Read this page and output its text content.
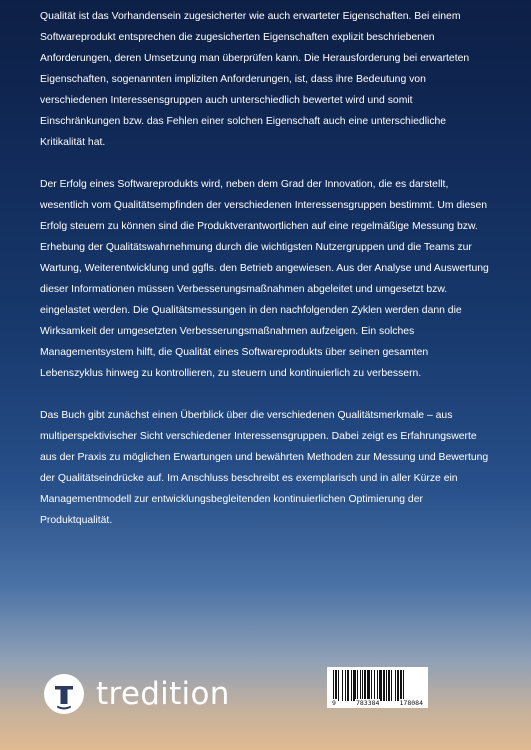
Qualität ist das Vorhandensein zugesicherter wie auch erwarteter Eigenschaften. Bei einem Softwareprodukt entsprechen die zugesicherten Eigenschaften explizit beschriebenen Anforderungen, deren Umsetzung man überprüfen kann. Die Herausforderung bei erwarteten Eigenschaften, sogenannten impliziten Anforderungen, ist, dass ihre Bedeutung von verschiedenen Interessensgruppen auch unterschiedlich bewertet wird und somit Einschränkungen bzw. das Fehlen einer solchen Eigenschaft auch eine unterschiedliche Kritikalität hat.

Der Erfolg eines Softwareprodukts wird, neben dem Grad der Innovation, die es darstellt, wesentlich vom Qualitätsempfinden der verschiedenen Interessensgruppen bestimmt. Um diesen Erfolg steuern zu können sind die Produktverantwortlichen auf eine regelmäßige Messung bzw. Erhebung der Qualitätswahrnehmung durch die wichtigsten Nutzergruppen und die Teams zur Wartung, Weiterentwicklung und ggfls. den Betrieb angewiesen. Aus der Analyse und Auswertung dieser Informationen müssen Verbesserungsmaßnahmen abgeleitet und umgesetzt bzw. eingelastet werden. Die Qualitätsmessungen in den nachfolgenden Zyklen werden dann die Wirksamkeit der umgesetzten Verbesserungsmaßnahmen aufzeigen. Ein solches Managementsystem hilft, die Qualität eines Softwareprodukts über seinen gesamten Lebenszyklus hinweg zu kontrollieren, zu steuern und kontinuierlich zu verbessern.

Das Buch gibt zunächst einen Überblick über die verschiedenen Qualitätsmerkmale – aus multiperspektivischer Sicht verschiedener Interessensgruppen. Dabei zeigt es Erfahrungswerte aus der Praxis zu möglichen Erwartungen und bewährten Methoden zur Messung und Bewertung der Qualitätseindrücke auf. Im Anschluss beschreibt es exemplarisch und in aller Kürze ein Managementmodell zur entwicklungsbegleitenden kontinuierlichen Optimierung der Produktqualität.

tredition	9	783384	178084
